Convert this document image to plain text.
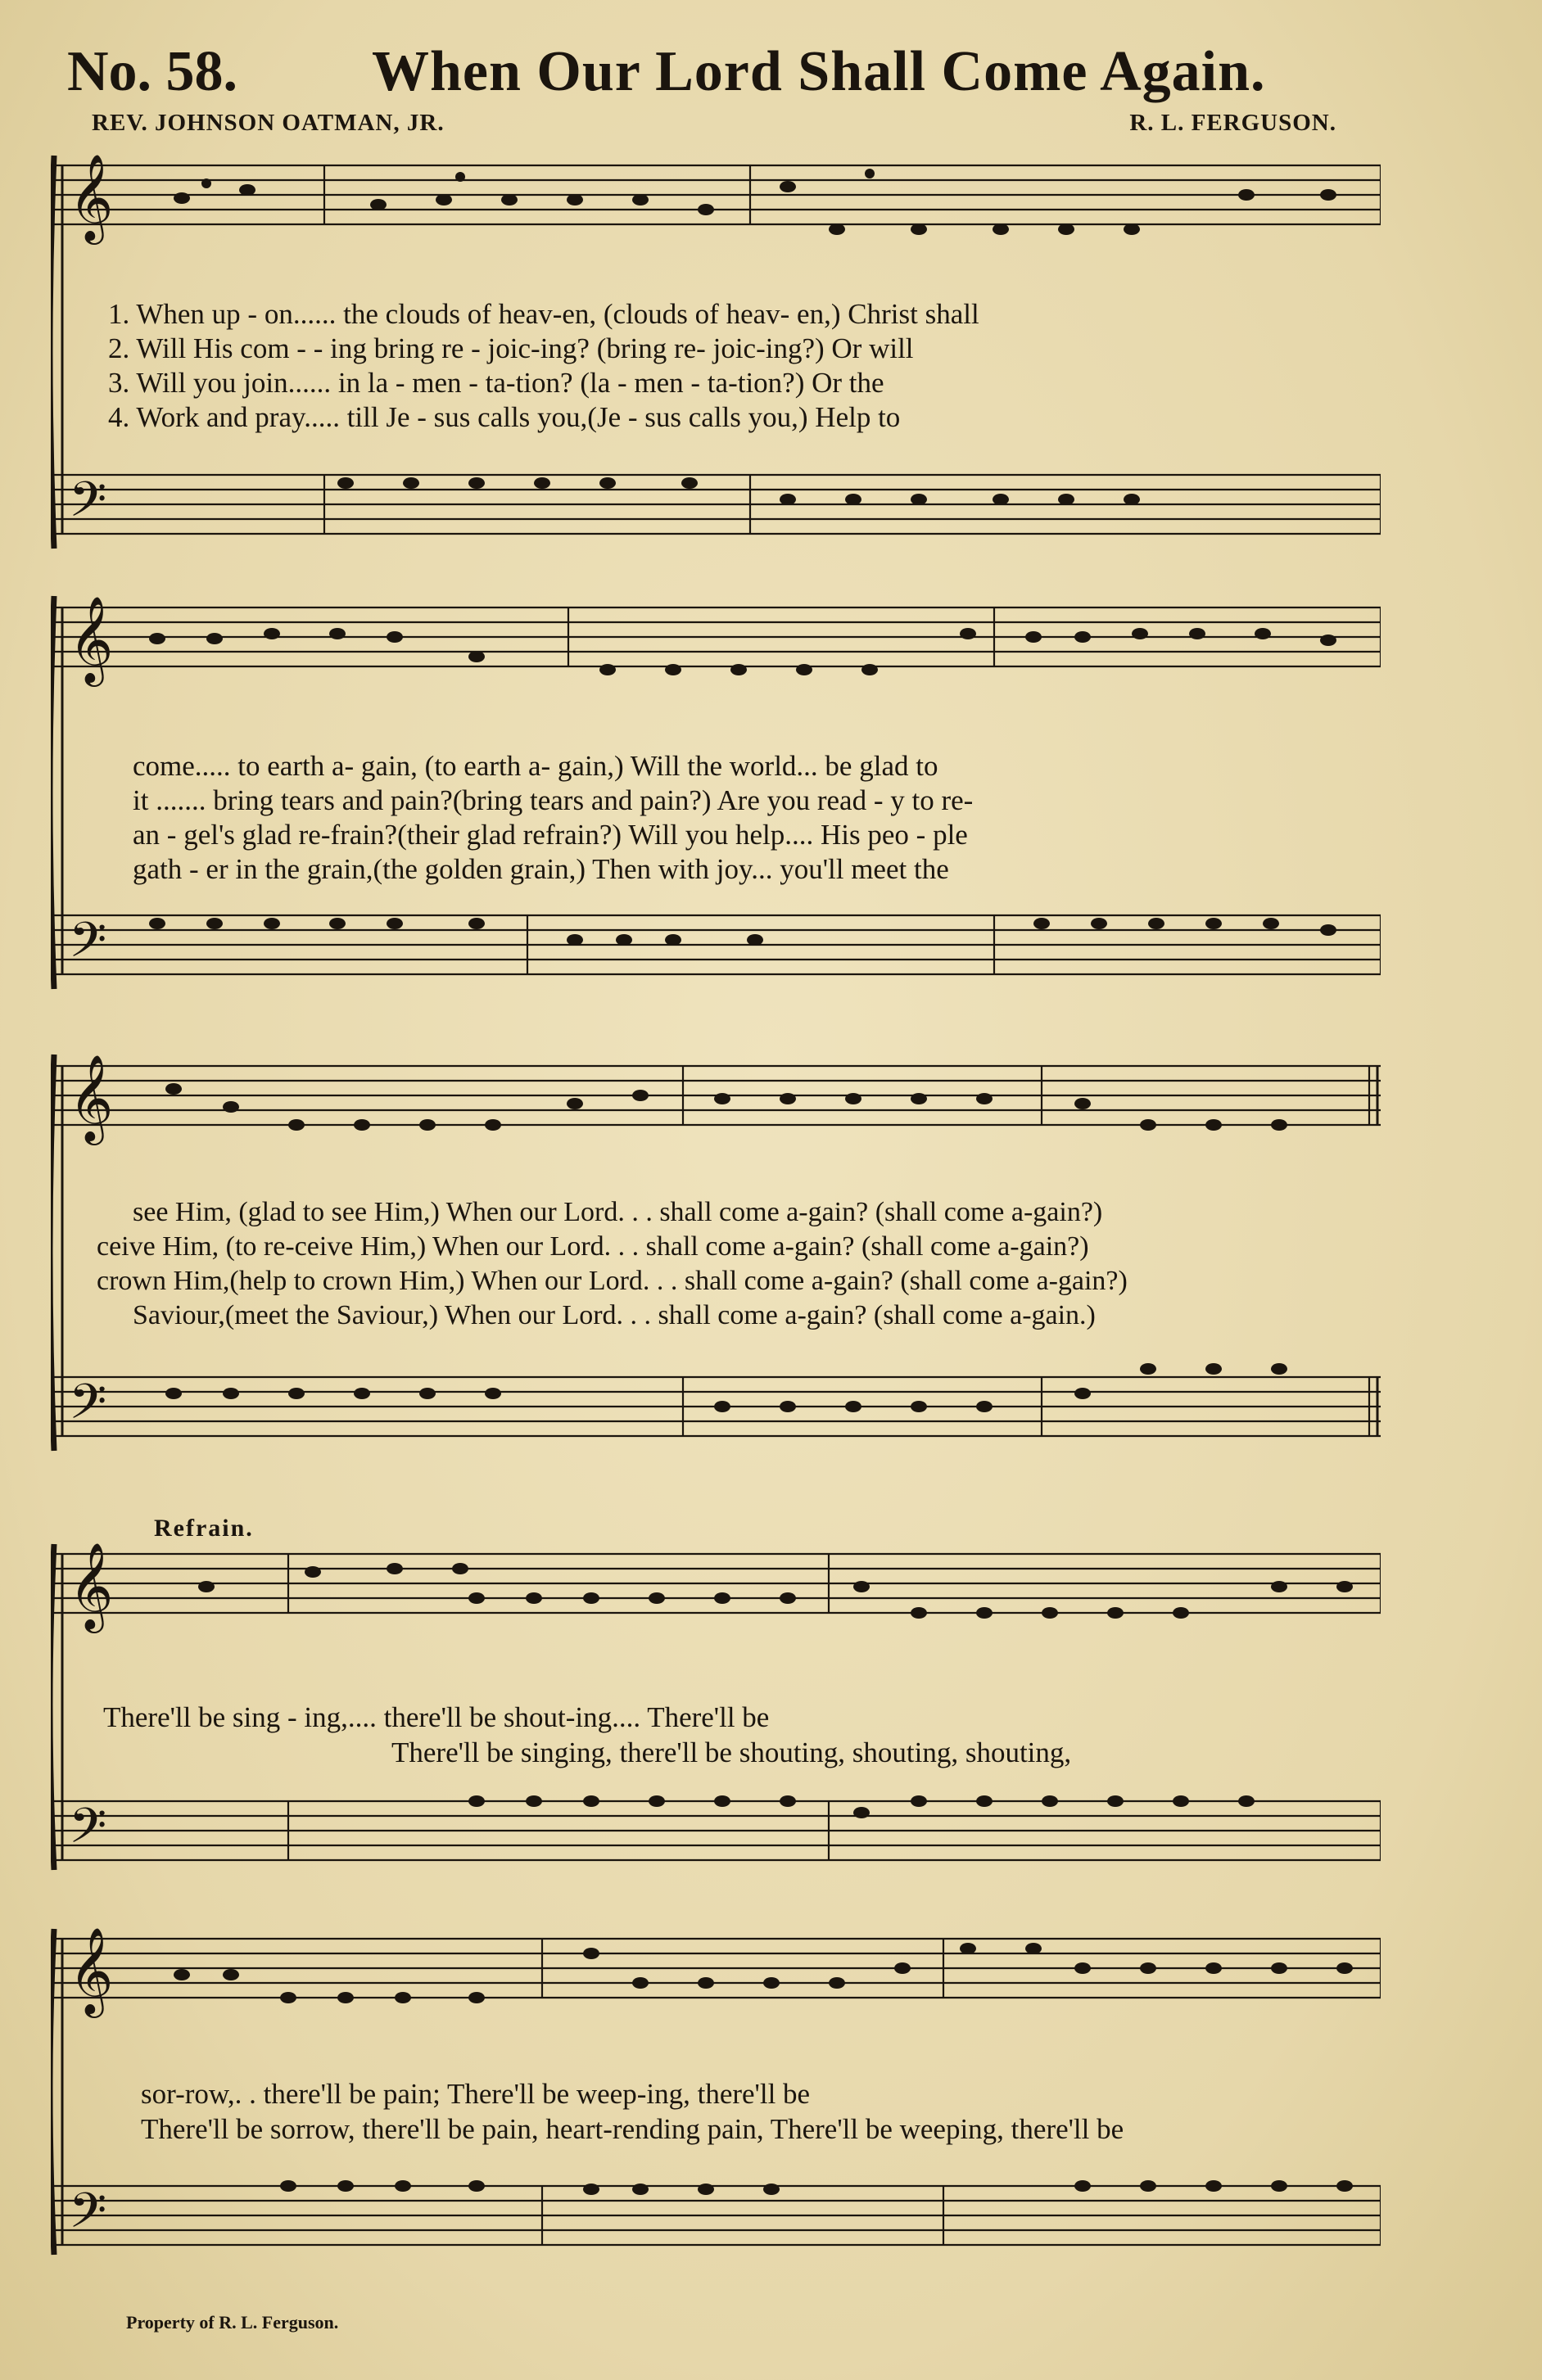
No. 58. When Our Lord Shall Come Again.
REV. JOHNSON OATMAN, JR.	R. L. FERGUSON.
𝄞
𝄢
1. When up - on...... the clouds of heav-en, (clouds of heav- en,) Christ shall
2. Will His com - - ing bring re - joic-ing? (bring re- joic-ing?) Or will
3. Will you join...... in la - men - ta-tion? (la - men - ta-tion?) Or the
4. Work and pray..... till Je - sus calls you,(Je - sus calls you,) Help to
𝄞
𝄢
come..... to earth a- gain, (to earth a- gain,) Will the world... be glad to
it ....... bring tears and pain?(bring tears and pain?) Are you read - y to re-
an - gel's glad re-frain?(their glad refrain?) Will you help.... His peo - ple
gath - er in the grain,(the golden grain,) Then with joy... you'll meet the
𝄞
𝄢
see Him, (glad to see Him,) When our Lord. . . shall come a-gain? (shall come a-gain?)
ceive Him, (to re-ceive Him,) When our Lord. . . shall come a-gain? (shall come a-gain?)
crown Him,(help to crown Him,) When our Lord. . . shall come a-gain? (shall come a-gain?)
Saviour,(meet the Saviour,) When our Lord. . . shall come a-gain? (shall come a-gain.)
Refrain.
𝄞
𝄢
There'll be sing - ing,.... there'll be shout-ing.... There'll be
There'll be singing, there'll be shouting, shouting, shouting,
𝄞
𝄢
sor-row,. . there'll be pain; There'll be weep-ing, there'll be
There'll be sorrow, there'll be pain, heart-rending pain, There'll be weeping, there'll be
Property of R. L. Ferguson.
